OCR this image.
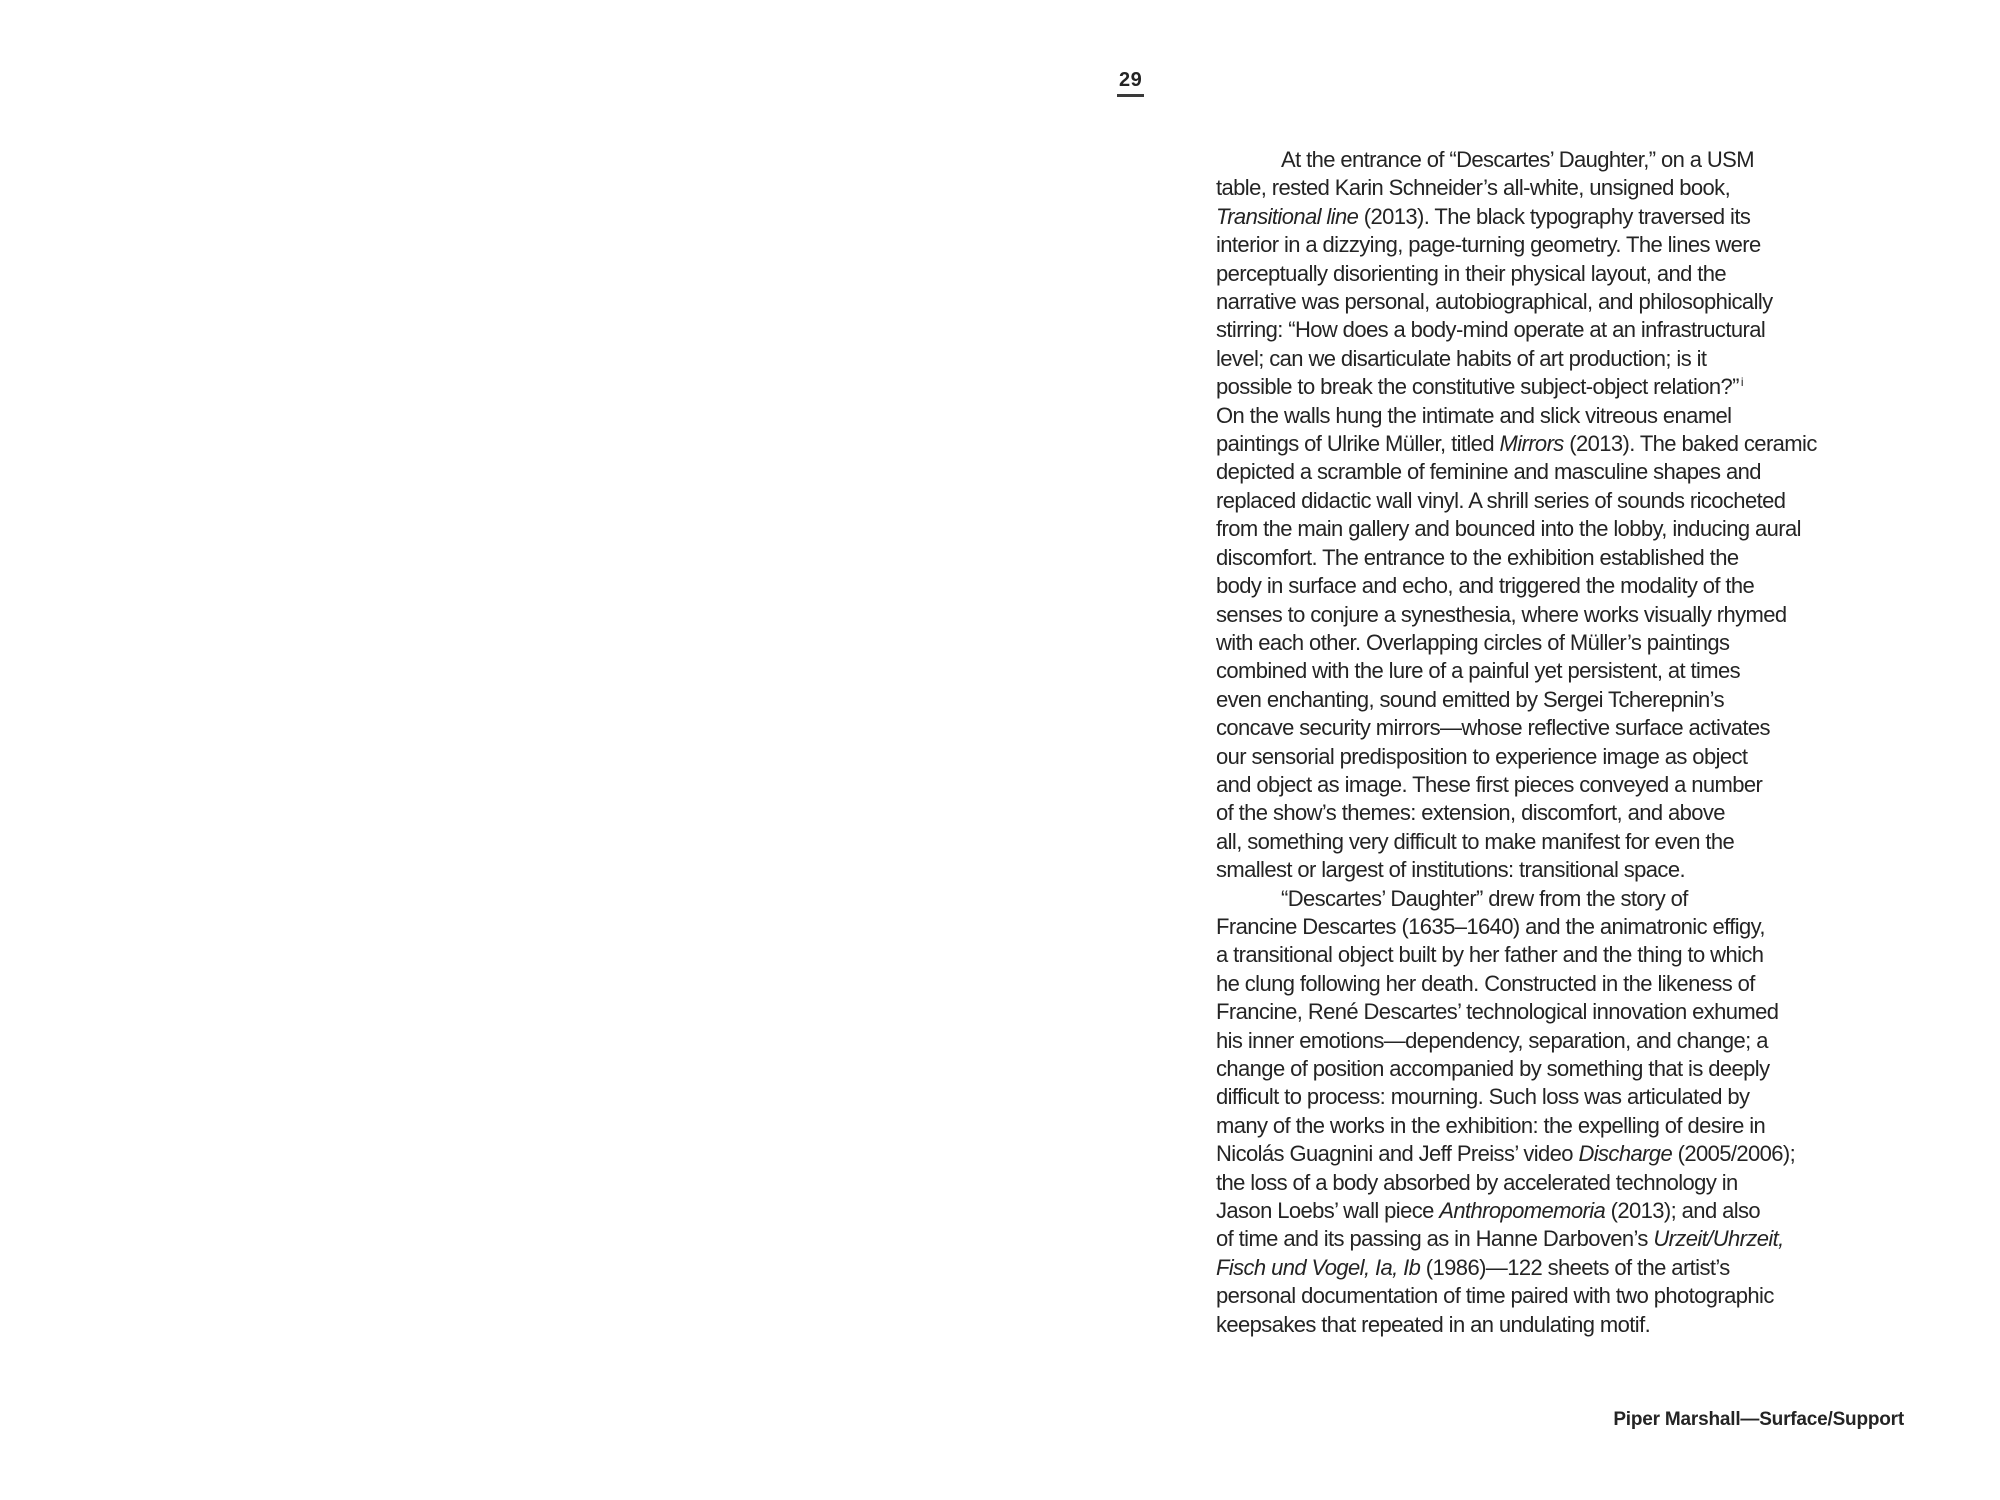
29
At the entrance of “Descartes’ Daughter,” on a USM
table, rested Karin Schneider’s all-white, unsigned book,
Transitional line (2013). The black typography traversed its
interior in a dizzying, page-turning geometry. The lines were
perceptually disorienting in their physical layout, and the
narrative was personal, autobiographical, and philosophically
stirring: “How does a body-mind operate at an infrastructural
level; can we disarticulate habits of art production; is it
possible to break the constitutive subject-object relation?” $^i$
On the walls hung the intimate and slick vitreous enamel
paintings of Ulrike Müller, titled Mirrors (2013). The baked ceramic
depicted a scramble of feminine and masculine shapes and
replaced didactic wall vinyl. A shrill series of sounds ricocheted
from the main gallery and bounced into the lobby, inducing aural
discomfort. The entrance to the exhibition established the
body in surface and echo, and triggered the modality of the
senses to conjure a synesthesia, where works visually rhymed
with each other. Overlapping circles of Müller’s paintings
combined with the lure of a painful yet persistent, at times
even enchanting, sound emitted by Sergei Tcherepnin’s
concave security mirrors—whose reflective surface activates
our sensorial predisposition to experience image as object
and object as image. These first pieces conveyed a number
of the show’s themes: extension, discomfort, and above
all, something very difficult to make manifest for even the
smallest or largest of institutions: transitional space.
“Descartes’ Daughter” drew from the story of
Francine Descartes (1635–1640) and the animatronic effigy,
a transitional object built by her father and the thing to which
he clung following her death. Constructed in the likeness of
Francine, René Descartes’ technological innovation exhumed
his inner emotions—dependency, separation, and change; a
change of position accompanied by something that is deeply
difficult to process: mourning. Such loss was articulated by
many of the works in the exhibition: the expelling of desire in
Nicolás Guagnini and Jeff Preiss’ video Discharge (2005/2006);
the loss of a body absorbed by accelerated technology in
Jason Loebs’ wall piece Anthropomemoria (2013); and also
of time and its passing as in Hanne Darboven’s Urzeit/Uhrzeit,
Fisch und Vogel, Ia, Ib (1986)—122 sheets of the artist’s
personal documentation of time paired with two photographic
keepsakes that repeated in an undulating motif.
Piper Marshall—Surface/Support
